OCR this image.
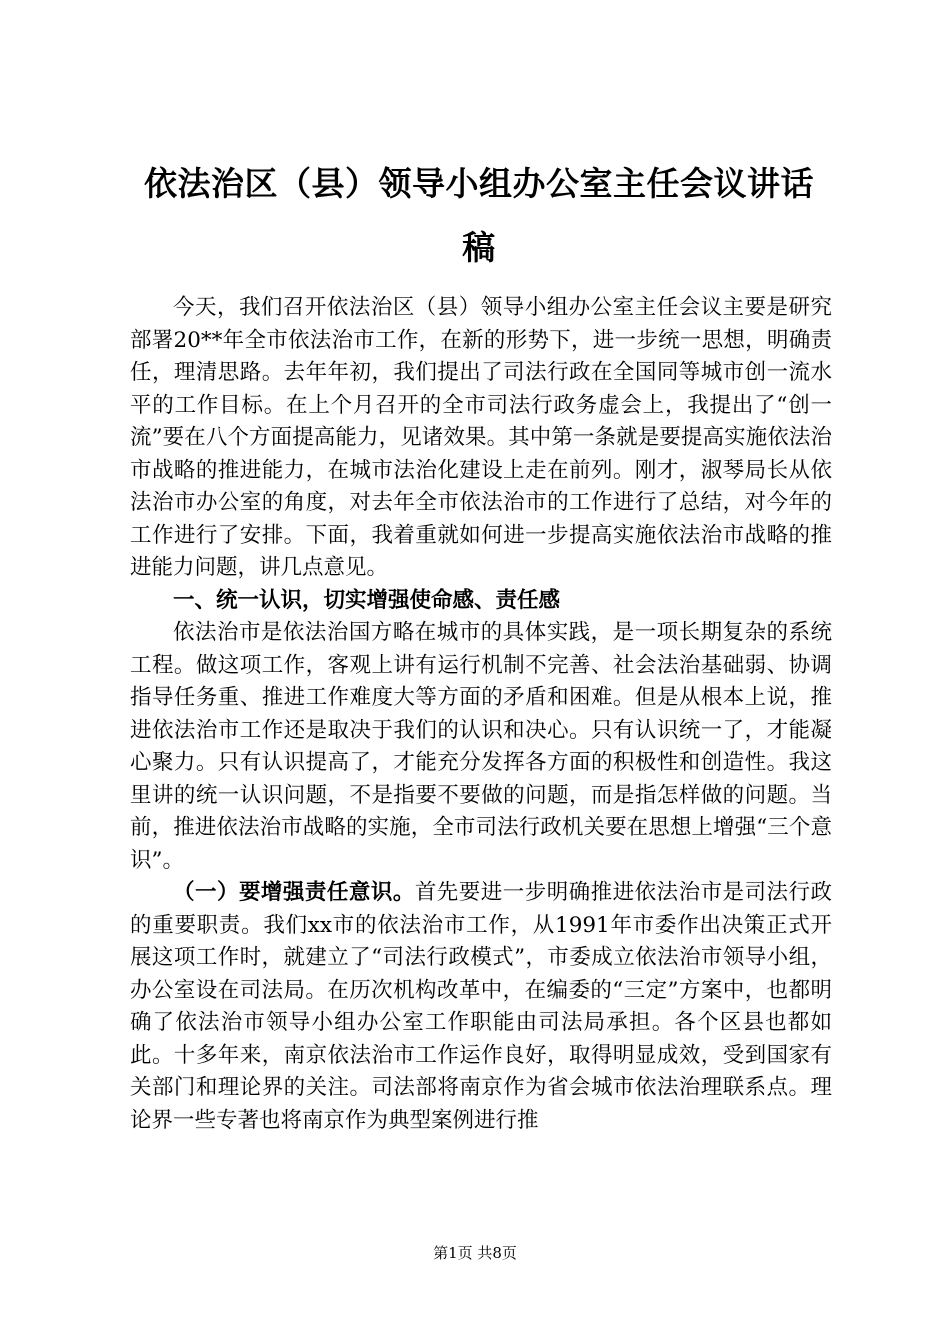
依法治区（县）领导小组办公室主任会议讲话稿

今天，我们召开依法治区（县）领导小组办公室主任会议主要是研究部署20**年全市依法治市工作，在新的形势下，进一步统一思想，明确责任，理清思路。去年年初，我们提出了司法行政在全国同等城市创一流水平的工作目标。在上个月召开的全市司法行政务虚会上，我提出了“创一流”要在八个方面提高能力，见诸效果。其中第一条就是要提高实施依法治市战略的推进能力，在城市法治化建设上走在前列。刚才，淑琴局长从依法治市办公室的角度，对去年全市依法治市的工作进行了总结，对今年的工作进行了安排。下面，我着重就如何进一步提高实施依法治市战略的推进能力问题，讲几点意见。

一、统一认识，切实增强使命感、责任感

依法治市是依法治国方略在城市的具体实践，是一项长期复杂的系统工程。做这项工作，客观上讲有运行机制不完善、社会法治基础弱、协调指导任务重、推进工作难度大等方面的矛盾和困难。但是从根本上说，推进依法治市工作还是取决于我们的认识和决心。只有认识统一了，才能凝心聚力。只有认识提高了，才能充分发挥各方面的积极性和创造性。我这里讲的统一认识问题，不是指要不要做的问题，而是指怎样做的问题。当前，推进依法治市战略的实施，全市司法行政机关要在思想上增强“三个意识”。

（一）要增强责任意识。首先要进一步明确推进依法治市是司法行政的重要职责。我们xx市的依法治市工作，从1991年市委作出决策正式开展这项工作时，就建立了“司法行政模式”，市委成立依法治市领导小组，办公室设在司法局。在历次机构改革中，在编委的“三定”方案中，也都明确了依法治市领导小组办公室工作职能由司法局承担。各个区县也都如此。十多年来，南京依法治市工作运作良好，取得明显成效，受到国家有关部门和理论界的关注。司法部将南京作为省会城市依法治理联系点。理论界一些专著也将南京作为典型案例进行推

第1页 共8页
